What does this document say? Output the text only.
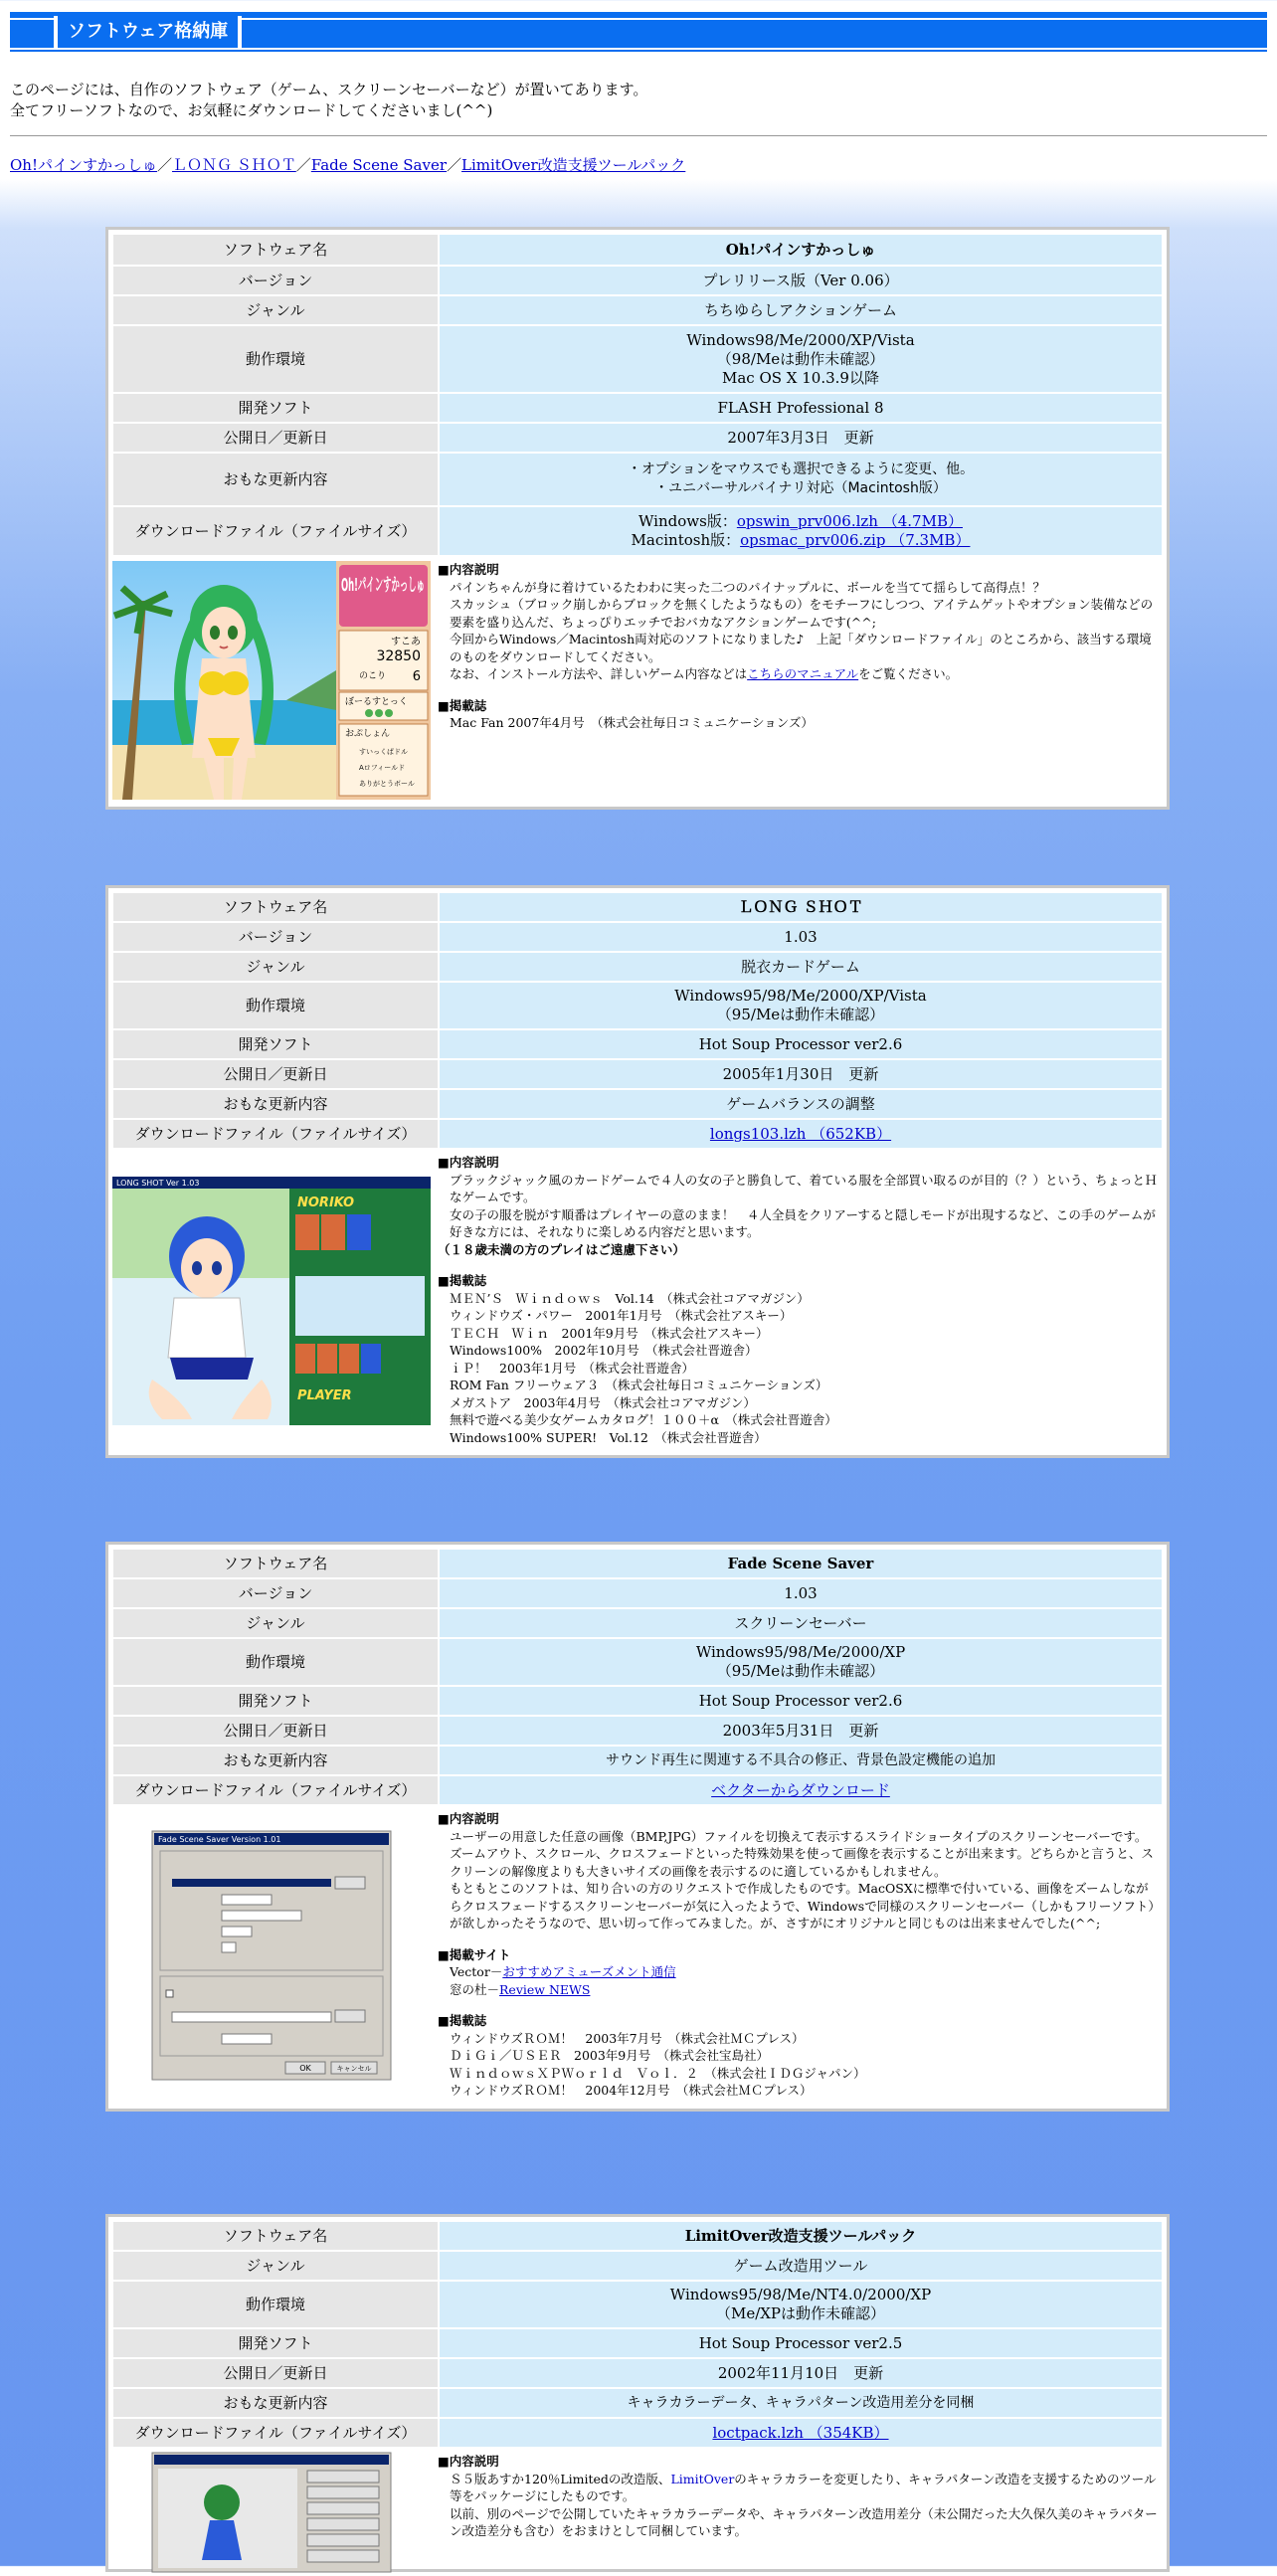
ソフトウェア格納庫
このページには、自作のソフトウェア（ゲーム、スクリーンセーバーなど）が置いてあります。
全てフリーソフトなので、お気軽にダウンロードしてくださいまし(^^)
Oh!パインすかっしゅ／ＬＯＮＧ ＳＨＯＴ／Fade Scene Saver／LimitOver改造支援ツールパック
ソフトウェア名	Oh!パインすかっしゅ
バージョン	プレリリース版（Ver 0.06）
ジャンル	ちちゆらしアクションゲーム
動作環境	Windows98/Me/2000/XP/Vista
（98/Meは動作未確認）
Mac OS X 10.3.9以降

開発ソフト	FLASH Professional 8
公開日／更新日	2007年3月3日　更新
おもな更新内容	・オプションをマウスでも選択できるように変更、他。
・ユニバーサルバイナリ対応（Macintosh版）

ダウンロードファイル（ファイルサイズ）	Windows版：opswin_prv006.lzh （4.7MB）
Macintosh版：opsmac_prv006.zip （7.3MB）
Oh!パインすかっしゅ
すこあ
32850
のこり 6
ぼーるすとっく
おぷしょん
すいっくぱドル
Aロフィールド
ありがとうボール
■内容説明
パインちゃんが身に着けているたわわに実った二つのパイナップルに、ボールを当てて揺らして高得点！？
スカッシュ（ブロック崩しからブロックを無くしたようなもの）をモチーフにしつつ、アイテムゲットやオプション装備などの要素を盛り込んだ、ちょっぴりエッチでおバカなアクションゲームです(^^;
今回からWindows／Macintosh両対応のソフトになりました♪　上記「ダウンロードファイル」のところから、該当する環境のものをダウンロードしてください。
なお、インストール方法や、詳しいゲーム内容などはこちらのマニュアルをご覧ください。
■掲載誌
Mac Fan 2007年4月号　（株式会社毎日コミュニケーションズ）
ソフトウェア名	ＬＯＮＧ ＳＨＯＴ
バージョン	1.03
ジャンル	脱衣カードゲーム
動作環境	Windows95/98/Me/2000/XP/Vista
（95/Meは動作未確認）

開発ソフト	Hot Soup Processor ver2.6
公開日／更新日	2005年1月30日　更新
おもな更新内容	ゲームバランスの調整
ダウンロードファイル（ファイルサイズ）	longs103.lzh （652KB）
LONG SHOT Ver 1.03
NORIKO
PLAYER
■内容説明
ブラックジャック風のカードゲームで４人の女の子と勝負して、着ている服を全部買い取るのが目的（？）という、ちょっとＨなゲームです。
女の子の服を脱がす順番はプレイヤーの意のまま！　４人全員をクリアーすると隠しモードが出現するなど、この手のゲームが好きな方には、それなりに楽しめる内容だと思います。
（１８歳未満の方のプレイはご遠慮下さい）
■掲載誌
ＭＥＮ’Ｓ　Ｗｉｎｄｏｗｓ　Vol.14　（株式会社コアマガジン）
ウィンドウズ・パワー　2001年1月号　（株式会社アスキー）
ＴＥＣＨ　Ｗｉｎ　2001年9月号　（株式会社アスキー）
Windows100%　2002年10月号　（株式会社晋遊舎）
ｉＰ！　2003年1月号　（株式会社晋遊舎）
ROM Fan フリーウェア３　（株式会社毎日コミュニケーションズ）
メガストア　2003年4月号　（株式会社コアマガジン）
無料で遊べる美少女ゲームカタログ！１００＋α　（株式会社晋遊舎）
Windows100% SUPER!　Vol.12　（株式会社晋遊舎）
ソフトウェア名	Fade Scene Saver
バージョン	1.03
ジャンル	スクリーンセーバー
動作環境	Windows95/98/Me/2000/XP
（95/Meは動作未確認）

開発ソフト	Hot Soup Processor ver2.6
公開日／更新日	2003年5月31日　更新
おもな更新内容	サウンド再生に関連する不具合の修正、背景色設定機能の追加
ダウンロードファイル（ファイルサイズ）	ベクターからダウンロード
Fade Scene Saver Version 1.01
OK	キャンセル
■内容説明
ユーザーの用意した任意の画像（BMP,JPG）ファイルを切換えて表示するスライドショータイプのスクリーンセーバーです。
ズームアウト、スクロール、クロスフェードといった特殊効果を使って画像を表示することが出来ます。どちらかと言うと、スクリーンの解像度よりも大きいサイズの画像を表示するのに適しているかもしれません。
もともとこのソフトは、知り合いの方のリクエストで作成したものです。MacOSXに標準で付いている、画像をズームしながらクロスフェードするスクリーンセーバーが気に入ったようで、Windowsで同様のスクリーンセーバー（しかもフリーソフト）が欲しかったそうなので、思い切って作ってみました。が、さすがにオリジナルと同じものは出来ませんでした(^^;
■掲載サイト
Vector－おすすめアミューズメント通信
窓の杜－Review NEWS
■掲載誌
ウィンドウズＲＯＭ！　2003年7月号　（株式会社ＭＣプレス）
ＤｉＧｉ／ＵＳＥＲ　2003年9月号　（株式会社宝島社）
ＷｉｎｄｏｗｓＸＰＷｏｒｌｄ　Ｖｏｌ．２　（株式会社ＩＤＧジャパン）
ウィンドウズＲＯＭ！　2004年12月号　（株式会社ＭＣプレス）
ソフトウェア名	LimitOver改造支援ツールパック
ジャンル	ゲーム改造用ツール
動作環境	Windows95/98/Me/NT4.0/2000/XP
（Me/XPは動作未確認）

開発ソフト	Hot Soup Processor ver2.5
公開日／更新日	2002年11月10日　更新
おもな更新内容	キャラカラーデータ、キャラパターン改造用差分を同梱
ダウンロードファイル（ファイルサイズ）	loctpack.lzh （354KB）
■内容説明
Ｓ５版あすか120％Limitedの改造版、LimitOverのキャラカラーを変更したり、キャラパターン改造を支援するためのツール等をパッケージにしたものです。
以前、別のページで公開していたキャラカラーデータや、キャラパターン改造用差分（未公開だった大久保久美のキャラパターン改造差分も含む）をおまけとして同梱しています。
